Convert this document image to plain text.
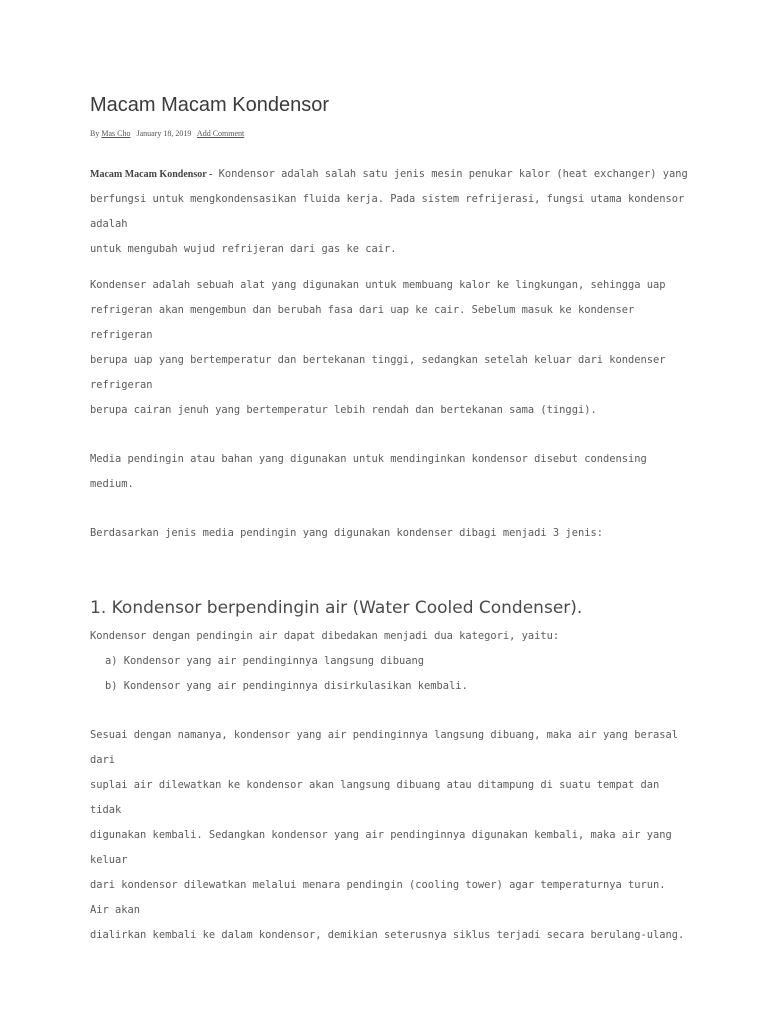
Macam Macam Kondensor
By Mas Cho January 18, 2019 Add Comment

Macam Macam Kondensor - Kondensor adalah salah satu jenis mesin penukar kalor (heat exchanger) yang
berfungsi untuk mengkondensasikan fluida kerja. Pada sistem refrijerasi, fungsi utama kondensor adalah
untuk mengubah wujud refrijeran dari gas ke cair.

Kondenser adalah sebuah alat yang digunakan untuk membuang kalor ke lingkungan, sehingga uap
refrigeran akan mengembun dan berubah fasa dari uap ke cair. Sebelum masuk ke kondenser refrigeran
berupa uap yang bertemperatur dan bertekanan tinggi, sedangkan setelah keluar dari kondenser refrigeran
berupa cairan jenuh yang bertemperatur lebih rendah dan bertekanan sama (tinggi).

Media pendingin atau bahan yang digunakan untuk mendinginkan kondensor disebut condensing medium.

Berdasarkan jenis media pendingin yang digunakan kondenser dibagi menjadi 3 jenis:

1. Kondensor berpendingin air (Water Cooled Condenser).

Kondensor dengan pendingin air dapat dibedakan menjadi dua kategori, yaitu:

a) Kondensor yang air pendinginnya langsung dibuang
b) Kondensor yang air pendinginnya disirkulasikan kembali.

Sesuai dengan namanya, kondensor yang air pendinginnya langsung dibuang, maka air yang berasal dari
suplai air dilewatkan ke kondensor akan langsung dibuang atau ditampung di suatu tempat dan tidak
digunakan kembali. Sedangkan kondensor yang air pendinginnya digunakan kembali, maka air yang keluar
dari kondensor dilewatkan melalui menara pendingin (cooling tower) agar temperaturnya turun. Air akan
dialirkan kembali ke dalam kondensor, demikian seterusnya siklus terjadi secara berulang-ulang.
